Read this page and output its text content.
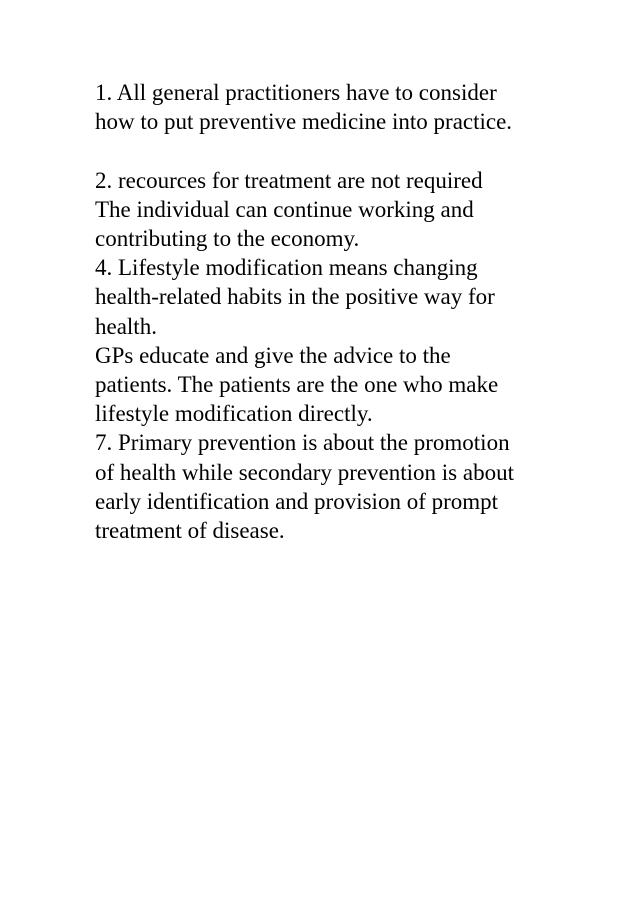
1. All general practitioners have to consider
how to put preventive medicine into practice.
2. recources for treatment are not required
The individual can continue working and
contributing to the economy.
4. Lifestyle modification means changing
health-related habits in the positive way for
health.
GPs educate and give the advice to the
patients. The patients are the one who make
lifestyle modification directly.
7. Primary prevention is about the promotion
of health while secondary prevention is about
early identification and provision of prompt
treatment of disease.
